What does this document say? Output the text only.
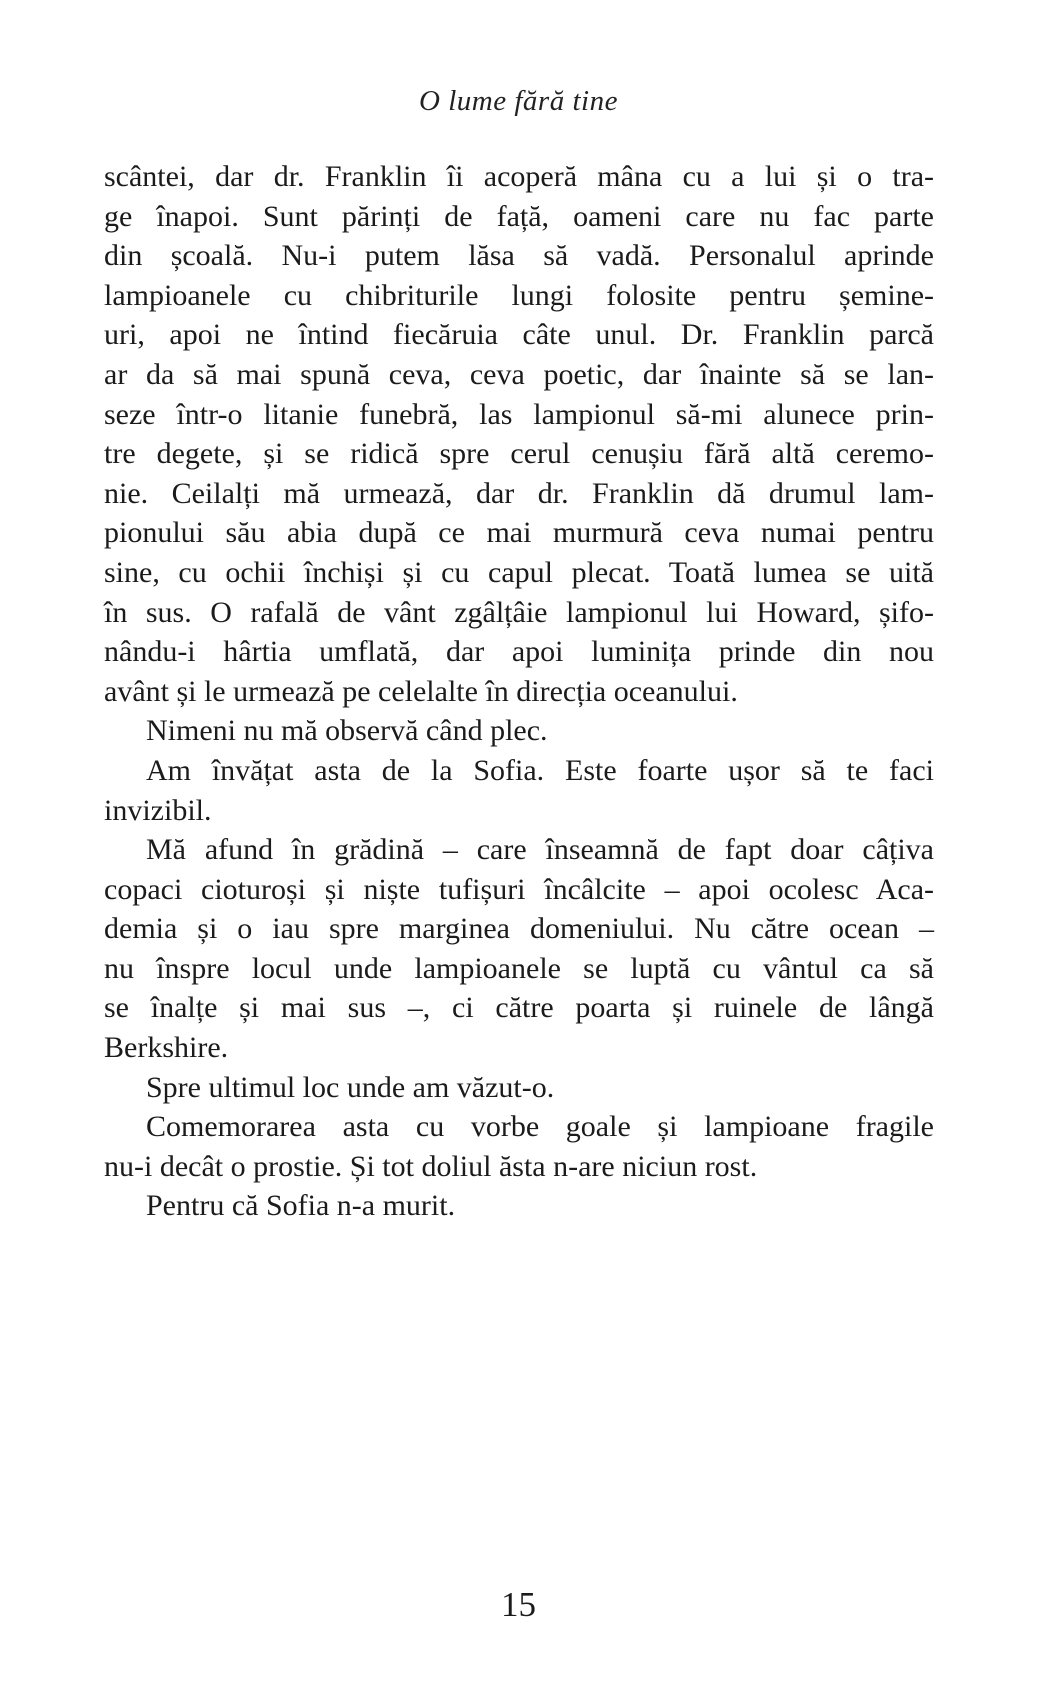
O lume fără tine
scântei, dar dr. Franklin îi acoperă mâna cu a lui și o tra-
ge înapoi. Sunt părinți de față, oameni care nu fac parte
din școală. Nu-i putem lăsa să vadă. Personalul aprinde
lampioanele cu chibriturile lungi folosite pentru șemine-
uri, apoi ne întind fiecăruia câte unul. Dr. Franklin parcă
ar da să mai spună ceva, ceva poetic, dar înainte să se lan-
seze într-o litanie funebră, las lampionul să-mi alunece prin-
tre degete, și se ridică spre cerul cenușiu fără altă ceremo-
nie. Ceilalți mă urmează, dar dr. Franklin dă drumul lam-
pionului său abia după ce mai murmură ceva numai pentru
sine, cu ochii închiși și cu capul plecat. Toată lumea se uită
în sus. O rafală de vânt zgâlțâie lampionul lui Howard, șifo-
nându-i hârtia umflată, dar apoi luminița prinde din nou
avânt și le urmează pe celelalte în direcția oceanului.
Nimeni nu mă observă când plec.
Am învățat asta de la Sofia. Este foarte ușor să te faci
invizibil.
Mă afund în grădină – care înseamnă de fapt doar câțiva
copaci cioturoși și niște tufișuri încâlcite – apoi ocolesc Aca-
demia și o iau spre marginea domeniului. Nu către ocean –
nu înspre locul unde lampioanele se luptă cu vântul ca să
se înalțe și mai sus –, ci către poarta și ruinele de lângă
Berkshire.
Spre ultimul loc unde am văzut-o.
Comemorarea asta cu vorbe goale și lampioane fragile
nu-i decât o prostie. Și tot doliul ăsta n-are niciun rost.
Pentru că Sofia n-a murit.
15
